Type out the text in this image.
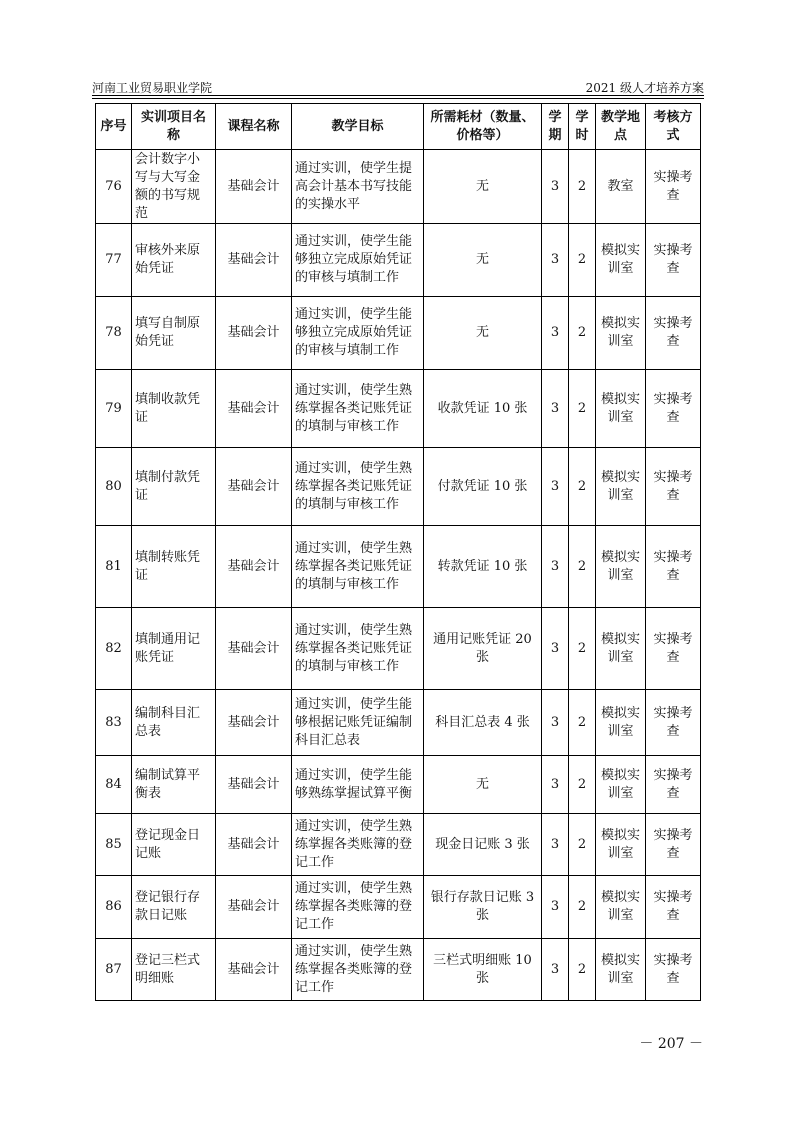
河南工业贸易职业学院	2021 级人才培养方案
序号	实训项目名称	课程名称	教学目标	所需耗材（数量、价格等）	学期	学时	教学地点	考核方式
76	会计数字小写与大写金额的书写规范	基础会计	通过实训，使学生提高会计基本书写技能的实操水平	无	3	2	教室	实操考查
77	审核外来原始凭证	基础会计	通过实训，使学生能够独立完成原始凭证的审核与填制工作	无	3	2	模拟实训室	实操考查
78	填写自制原始凭证	基础会计	通过实训，使学生能够独立完成原始凭证的审核与填制工作	无	3	2	模拟实训室	实操考查
79	填制收款凭证	基础会计	通过实训，使学生熟练掌握各类记账凭证的填制与审核工作	收款凭证 10 张	3	2	模拟实训室	实操考查
80	填制付款凭证	基础会计	通过实训，使学生熟练掌握各类记账凭证的填制与审核工作	付款凭证 10 张	3	2	模拟实训室	实操考查
81	填制转账凭证	基础会计	通过实训，使学生熟练掌握各类记账凭证的填制与审核工作	转款凭证 10 张	3	2	模拟实训室	实操考查
82	填制通用记账凭证	基础会计	通过实训，使学生熟练掌握各类记账凭证的填制与审核工作	通用记账凭证 20 张	3	2	模拟实训室	实操考查
83	编制科目汇总表	基础会计	通过实训，使学生能够根据记账凭证编制科目汇总表	科目汇总表 4 张	3	2	模拟实训室	实操考查
84	编制试算平衡表	基础会计	通过实训，使学生能够熟练掌握试算平衡	无	3	2	模拟实训室	实操考查
85	登记现金日记账	基础会计	通过实训，使学生熟练掌握各类账簿的登记工作	现金日记账 3 张	3	2	模拟实训室	实操考查
86	登记银行存款日记账	基础会计	通过实训，使学生熟练掌握各类账簿的登记工作	银行存款日记账 3 张	3	2	模拟实训室	实操考查
87	登记三栏式明细账	基础会计	通过实训，使学生熟练掌握各类账簿的登记工作	三栏式明细账 10 张	3	2	模拟实训室	实操考查
－ 207 －
